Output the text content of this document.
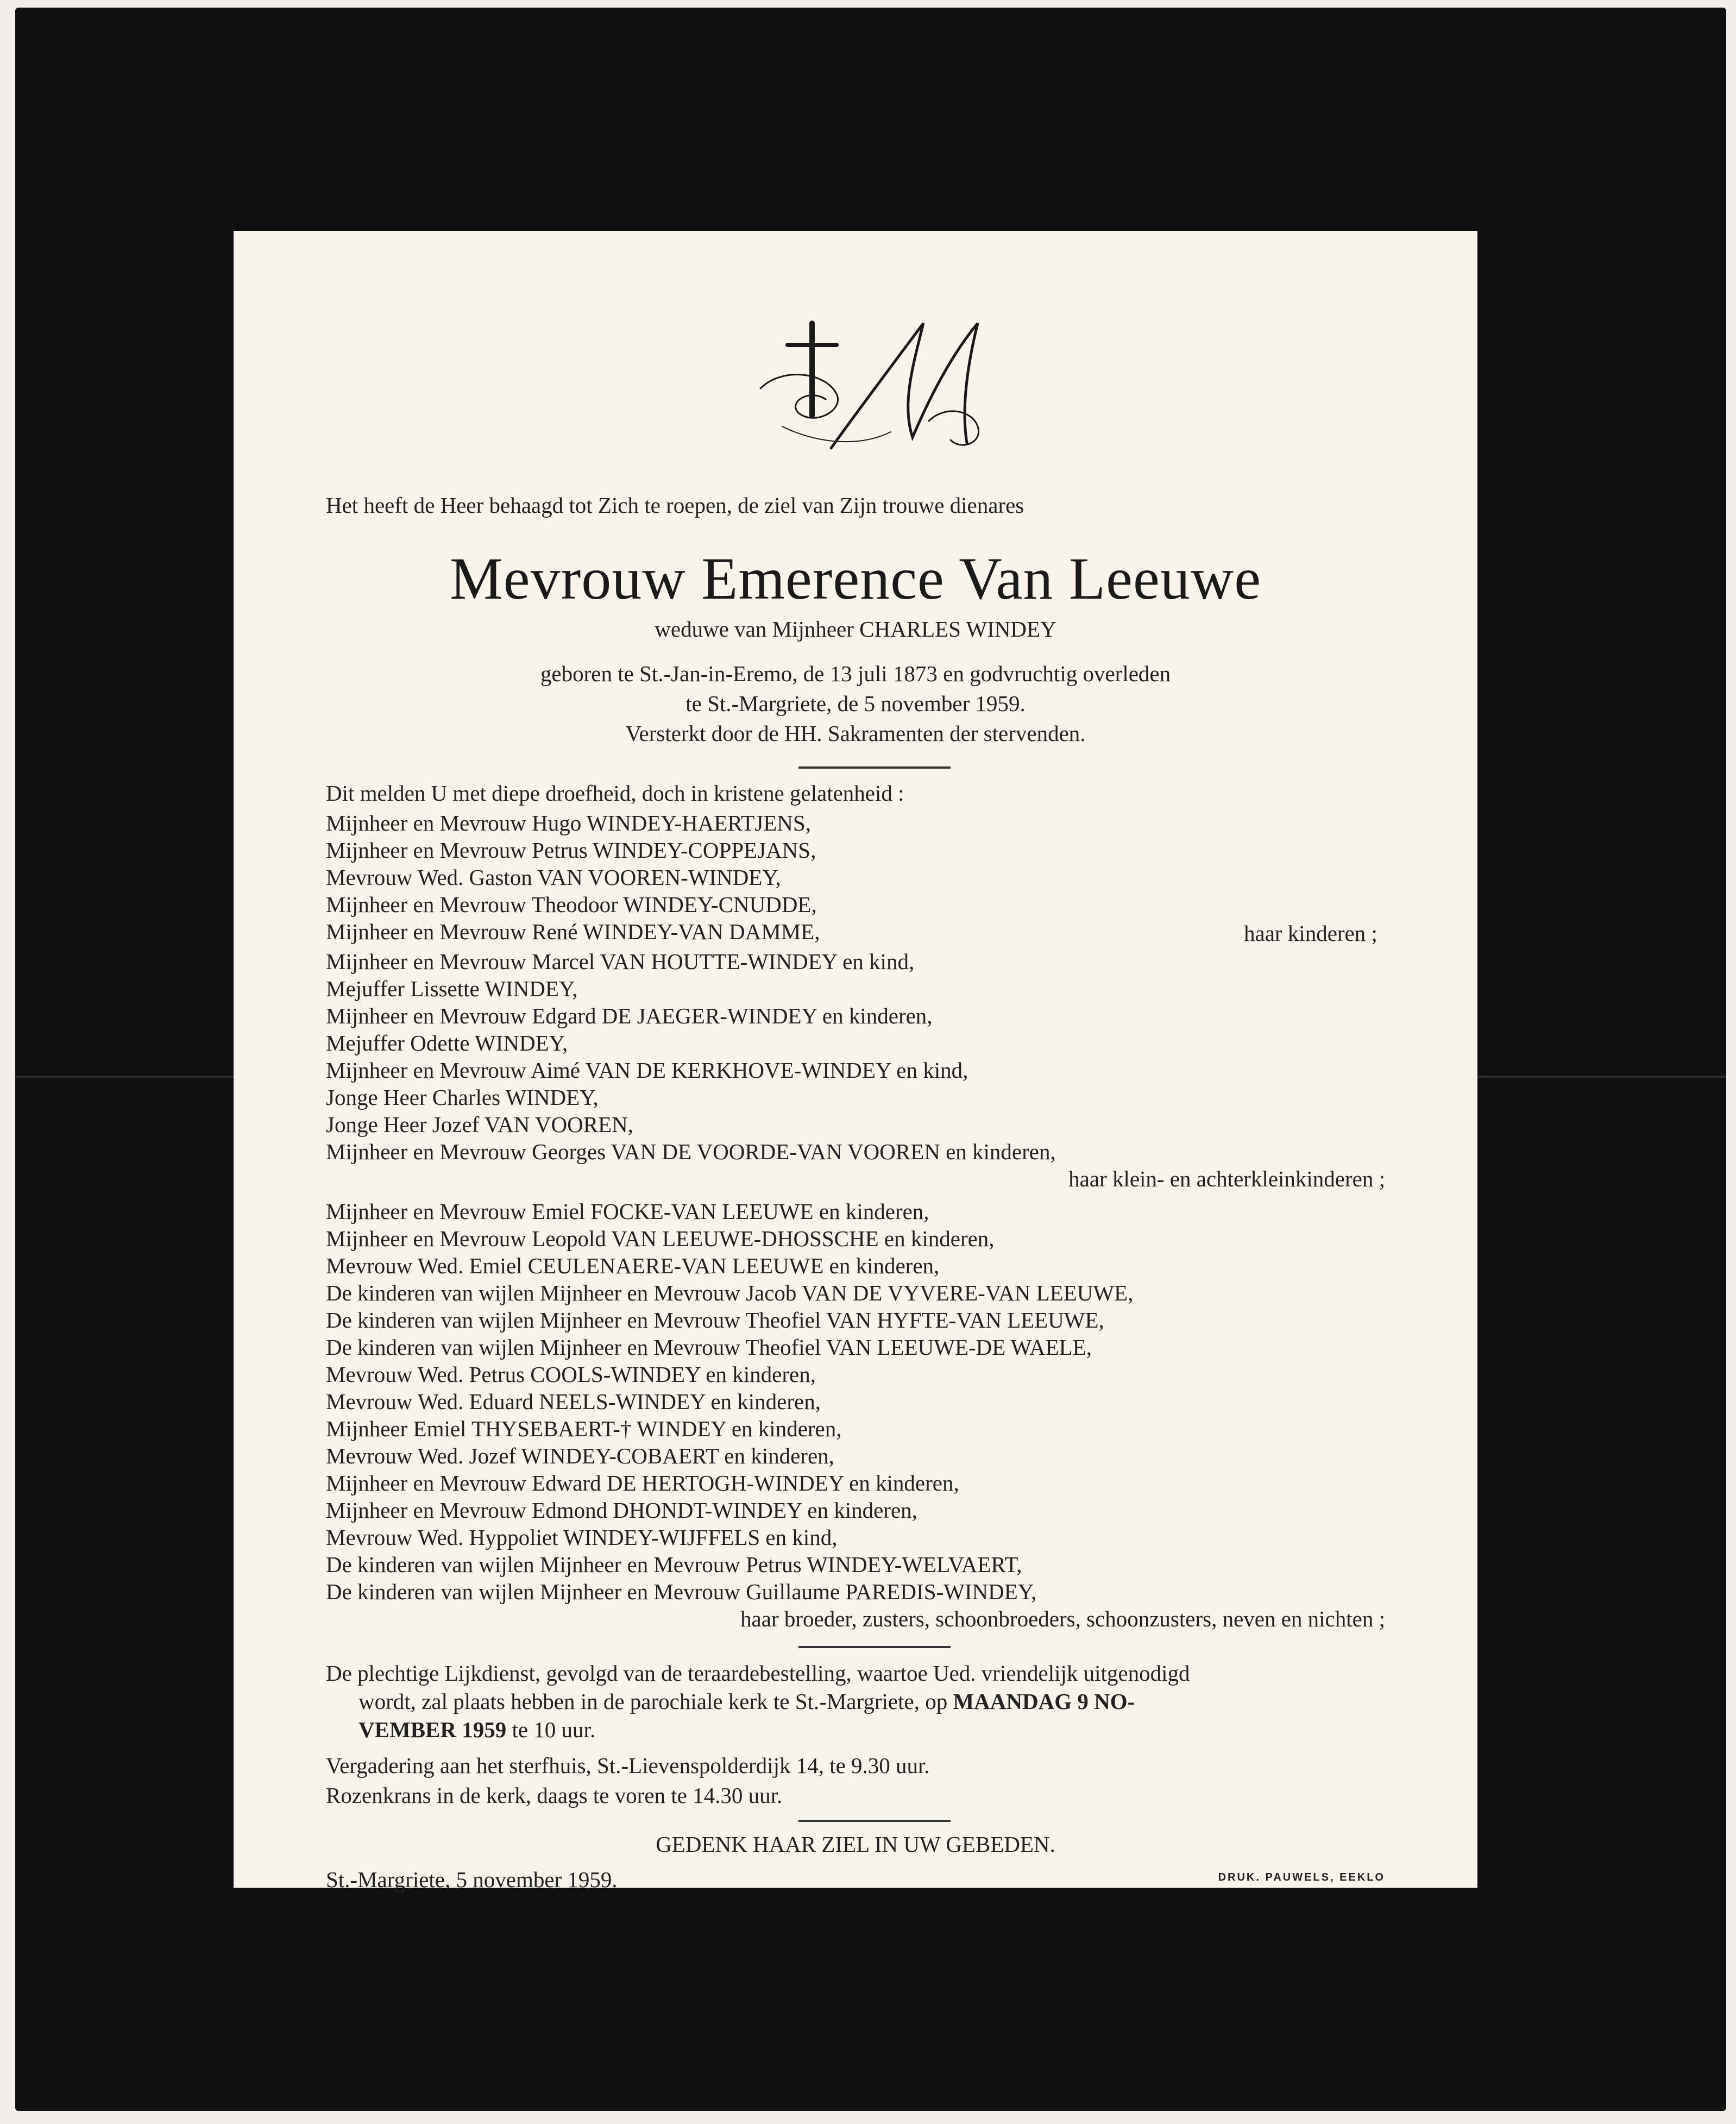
Het heeft de Heer behaagd tot Zich te roepen, de ziel van Zijn trouwe dienares
Mevrouw Emerence Van Leeuwe
weduwe van Mijnheer CHARLES WINDEY
geboren te St.-Jan-in-Eremo, de 13 juli 1873 en godvruchtig overleden
te St.-Margriete, de 5 november 1959.
Versterkt door de HH. Sakramenten der stervenden.
Dit melden U met diepe droefheid, doch in kristene gelatenheid :
Mijnheer en Mevrouw Hugo WINDEY-HAERTJENS,
Mijnheer en Mevrouw Petrus WINDEY-COPPEJANS,
Mevrouw Wed. Gaston VAN VOOREN-WINDEY,
Mijnheer en Mevrouw Theodoor WINDEY-CNUDDE,
Mijnheer en Mevrouw René WINDEY-VAN DAMME,	haar kinderen ;
Mijnheer en Mevrouw Marcel VAN HOUTTE-WINDEY en kind,
Mejuffer Lissette WINDEY,
Mijnheer en Mevrouw Edgard DE JAEGER-WINDEY en kinderen,
Mejuffer Odette WINDEY,
Mijnheer en Mevrouw Aimé VAN DE KERKHOVE-WINDEY en kind,
Jonge Heer Charles WINDEY,
Jonge Heer Jozef VAN VOOREN,
Mijnheer en Mevrouw Georges VAN DE VOORDE-VAN VOOREN en kinderen,
haar klein- en achterkleinkinderen ;
Mijnheer en Mevrouw Emiel FOCKE-VAN LEEUWE en kinderen,
Mijnheer en Mevrouw Leopold VAN LEEUWE-DHOSSCHE en kinderen,
Mevrouw Wed. Emiel CEULENAERE-VAN LEEUWE en kinderen,
De kinderen van wijlen Mijnheer en Mevrouw Jacob VAN DE VYVERE-VAN LEEUWE,
De kinderen van wijlen Mijnheer en Mevrouw Theofiel VAN HYFTE-VAN LEEUWE,
De kinderen van wijlen Mijnheer en Mevrouw Theofiel VAN LEEUWE-DE WAELE,
Mevrouw Wed. Petrus COOLS-WINDEY en kinderen,
Mevrouw Wed. Eduard NEELS-WINDEY en kinderen,
Mijnheer Emiel THYSEBAERT-† WINDEY en kinderen,
Mevrouw Wed. Jozef WINDEY-COBAERT en kinderen,
Mijnheer en Mevrouw Edward DE HERTOGH-WINDEY en kinderen,
Mijnheer en Mevrouw Edmond DHONDT-WINDEY en kinderen,
Mevrouw Wed. Hyppoliet WINDEY-WIJFFELS en kind,
De kinderen van wijlen Mijnheer en Mevrouw Petrus WINDEY-WELVAERT,
De kinderen van wijlen Mijnheer en Mevrouw Guillaume PAREDIS-WINDEY,
haar broeder, zusters, schoonbroeders, schoonzusters, neven en nichten ;
De plechtige Lijkdienst, gevolgd van de teraardebestelling, waartoe Ued. vriendelijk uitgenodigd
wordt, zal plaats hebben in de parochiale kerk te St.-Margriete, op MAANDAG 9 NO-
VEMBER 1959 te 10 uur.
Vergadering aan het sterfhuis, St.-Lievenspolderdijk 14, te 9.30 uur.
Rozenkrans in de kerk, daags te voren te 14.30 uur.
GEDENK HAAR ZIEL IN UW GEBEDEN.
St.-Margriete, 5 november 1959.	DRUK. PAUWELS, EEKLO
